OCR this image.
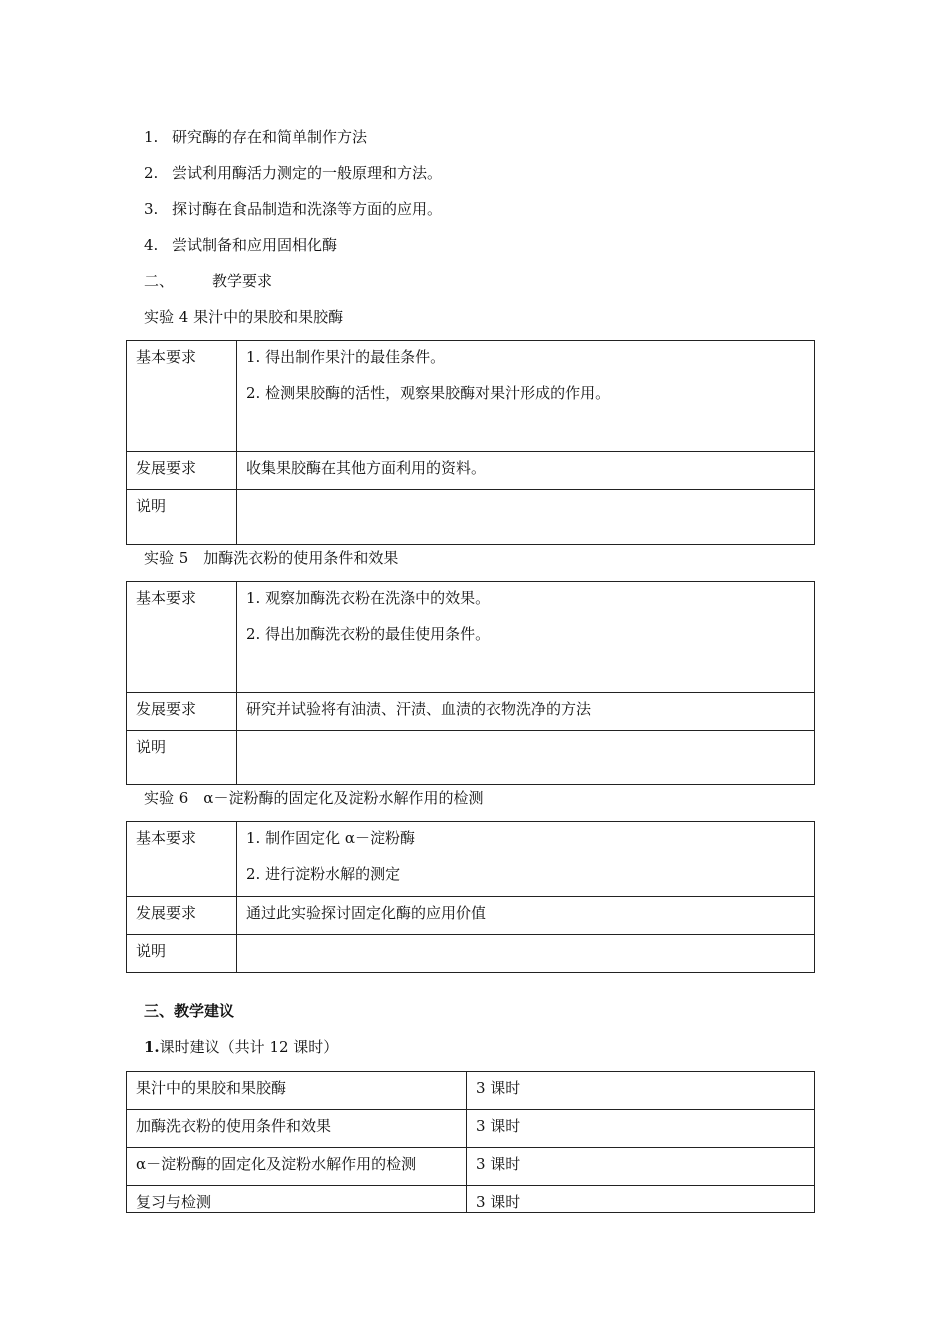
1. 研究酶的存在和简单制作方法
2. 尝试利用酶活力测定的一般原理和方法。
3. 探讨酶在食品制造和洗涤等方面的应用。
4. 尝试制备和应用固相化酶
二、	教学要求
实验 4 果汁中的果胶和果胶酶
基本要求	1. 得出制作果汁的最佳条件。
2. 检测果胶酶的活性，观察果胶酶对果汁形成的作用。

发展要求	收集果胶酶在其他方面利用的资料。
说明	
实验 5　加酶洗衣粉的使用条件和效果
基本要求	1. 观察加酶洗衣粉在洗涤中的效果。
2. 得出加酶洗衣粉的最佳使用条件。

发展要求	研究并试验将有油渍、汗渍、血渍的衣物洗净的方法
说明	
实验 6　α－淀粉酶的固定化及淀粉水解作用的检测
基本要求	1. 制作固定化 α－淀粉酶
2. 进行淀粉水解的测定

发展要求	通过此实验探讨固定化酶的应用价值
说明	
三、教学建议
1.课时建议（共计 12 课时）
果汁中的果胶和果胶酶	3 课时
加酶洗衣粉的使用条件和效果	3 课时
α－淀粉酶的固定化及淀粉水解作用的检测	3 课时
复习与检测	3 课时
